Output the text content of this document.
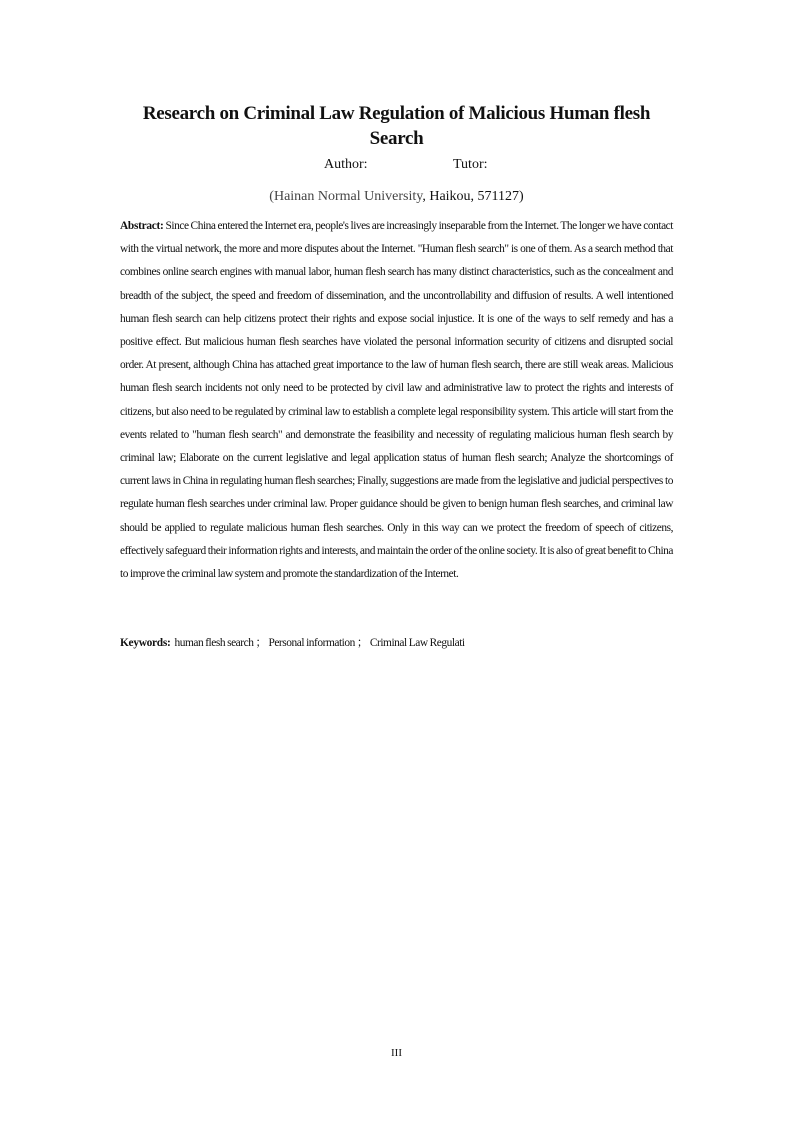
Research on Criminal Law Regulation of Malicious Human flesh Search
Author:	Tutor:
(Hainan Normal University, Haikou, 571127)

Abstract: Since China entered the Internet era, people's lives are increasingly inseparable from the Internet. The longer we have contact with the virtual network, the more and more disputes about the Internet. "Human flesh search" is one of them. As a search method that combines online search engines with manual labor, human flesh search has many distinct characteristics, such as the concealment and breadth of the subject, the speed and freedom of dissemination, and the uncontrollability and diffusion of results. A well intentioned human flesh search can help citizens protect their rights and expose social injustice. It is one of the ways to self remedy and has a positive effect. But malicious human flesh searches have violated the personal information security of citizens and disrupted social order. At present, although China has attached great importance to the law of human flesh search, there are still weak areas. Malicious human flesh search incidents not only need to be protected by civil law and administrative law to protect the rights and interests of citizens, but also need to be regulated by criminal law to establish a complete legal responsibility system. This article will start from the events related to "human flesh search" and demonstrate the feasibility and necessity of regulating malicious human flesh search by criminal law; Elaborate on the current legislative and legal application status of human flesh search; Analyze the shortcomings of current laws in China in regulating human flesh searches; Finally, suggestions are made from the legislative and judicial perspectives to regulate human flesh searches under criminal law. Proper guidance should be given to benign human flesh searches, and criminal law should be applied to regulate malicious human flesh searches. Only in this way can we protect the freedom of speech of citizens, effectively safeguard their information rights and interests, and maintain the order of the online society. It is also of great benefit to China to improve the criminal law system and promote the standardization of the Internet.

Keywords: human flesh search ； Personal information ； Criminal Law Regulati

III
